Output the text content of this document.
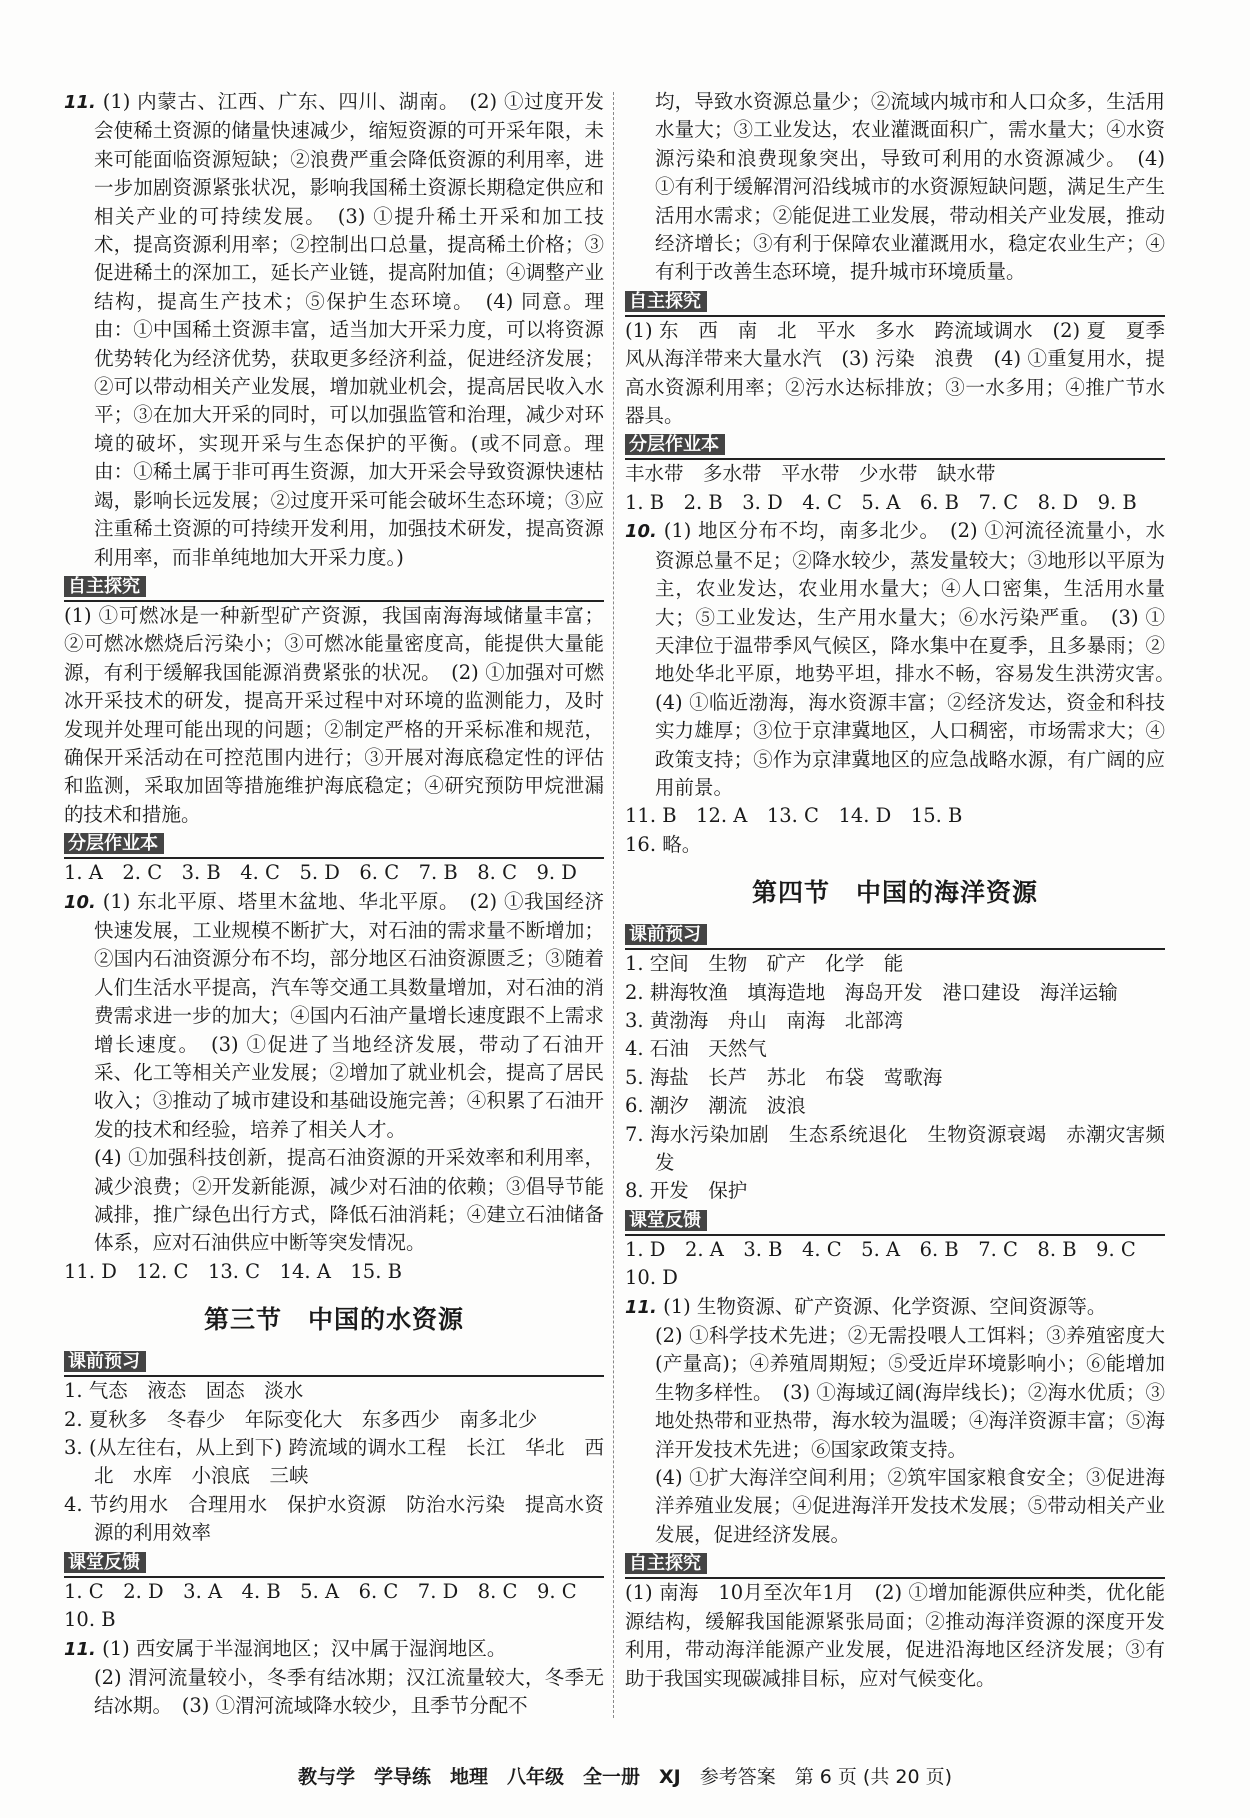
11. (1) 内蒙古、江西、广东、四川、湖南。　(2) ①过度开发会使稀土资源的储量快速减少，缩短资源的可开采年限，未来可能面临资源短缺；②浪费严重会降低资源的利用率，进一步加剧资源紧张状况，影响我国稀土资源长期稳定供应和相关产业的可持续发展。　(3) ①提升稀土开采和加工技术，提高资源利用率；②控制出口总量，提高稀土价格；③促进稀土的深加工，延长产业链，提高附加值；④调整产业结构，提高生产技术；⑤保护生态环境。　(4) 同意。理由：①中国稀土资源丰富，适当加大开采力度，可以将资源优势转化为经济优势，获取更多经济利益，促进经济发展；②可以带动相关产业发展，增加就业机会，提高居民收入水平；③在加大开采的同时，可以加强监管和治理，减少对环境的破坏，实现开采与生态保护的平衡。(或不同意。理由：①稀土属于非可再生资源，加大开采会导致资源快速枯竭，影响长远发展；②过度开采可能会破坏生态环境；③应注重稀土资源的可持续开发利用，加强技术研发，提高资源利用率，而非单纯地加大开采力度。)

自主探究

(1) ①可燃冰是一种新型矿产资源，我国南海海域储量丰富；②可燃冰燃烧后污染小；③可燃冰能量密度高，能提供大量能源，有利于缓解我国能源消费紧张的状况。　(2) ①加强对可燃冰开采技术的研发，提高开采过程中对环境的监测能力，及时发现并处理可能出现的问题；②制定严格的开采标准和规范，确保开采活动在可控范围内进行；③开展对海底稳定性的评估和监测，采取加固等措施维护海底稳定；④研究预防甲烷泄漏的技术和措施。

分层作业本

1. A　2. C　3. B　4. C　5. D　6. C　7. B　8. C　9. D

10. (1) 东北平原、塔里木盆地、华北平原。　(2) ①我国经济快速发展，工业规模不断扩大，对石油的需求量不断增加；②国内石油资源分布不均，部分地区石油资源匮乏；③随着人们生活水平提高，汽车等交通工具数量增加，对石油的消费需求进一步的加大；④国内石油产量增长速度跟不上需求增长速度。　(3) ①促进了当地经济发展，带动了石油开采、化工等相关产业发展；②增加了就业机会，提高了居民收入；③推动了城市建设和基础设施完善；④积累了石油开发的技术和经验，培养了相关人才。

(4) ①加强科技创新，提高石油资源的开采效率和利用率，减少浪费；②开发新能源，减少对石油的依赖；③倡导节能减排，推广绿色出行方式，降低石油消耗；④建立石油储备体系，应对石油供应中断等突发情况。

11. D　12. C　13. C　14. A　15. B

第三节　中国的水资源
课前预习

1. 气态　液态　固态　淡水

2. 夏秋多　冬春少　年际变化大　东多西少　南多北少

3. (从左往右，从上到下) 跨流域的调水工程　长江　华北　西北　水库　小浪底　三峡

4. 节约用水　合理用水　保护水资源　防治水污染　提高水资源的利用效率

课堂反馈

1. C　2. D　3. A　4. B　5. A　6. C　7. D　8. C　9. C

10. B

11. (1) 西安属于半湿润地区；汉中属于湿润地区。

(2) 渭河流量较小，冬季有结冰期；汉江流量较大，冬季无结冰期。　(3) ①渭河流域降水较少，且季节分配不

均，导致水资源总量少；②流域内城市和人口众多，生活用水量大；③工业发达，农业灌溉面积广，需水量大；④水资源污染和浪费现象突出，导致可利用的水资源减少。　(4) ①有利于缓解渭河沿线城市的水资源短缺问题，满足生产生活用水需求；②能促进工业发展，带动相关产业发展，推动经济增长；③有利于保障农业灌溉用水，稳定农业生产；④有利于改善生态环境，提升城市环境质量。

自主探究

(1) 东　西　南　北　平水　多水　跨流域调水　(2) 夏　夏季风从海洋带来大量水汽　(3) 污染　浪费　(4) ①重复用水，提高水资源利用率；②污水达标排放；③一水多用；④推广节水器具。

分层作业本

丰水带　多水带　平水带　少水带　缺水带

1. B　2. B　3. D　4. C　5. A　6. B　7. C　8. D　9. B

10. (1) 地区分布不均，南多北少。　(2) ①河流径流量小，水资源总量不足；②降水较少，蒸发量较大；③地形以平原为主，农业发达，农业用水量大；④人口密集，生活用水量大；⑤工业发达，生产用水量大；⑥水污染严重。　(3) ①天津位于温带季风气候区，降水集中在夏季，且多暴雨；②地处华北平原，地势平坦，排水不畅，容易发生洪涝灾害。　(4) ①临近渤海，海水资源丰富；②经济发达，资金和科技实力雄厚；③位于京津冀地区，人口稠密，市场需求大；④政策支持；⑤作为京津冀地区的应急战略水源，有广阔的应用前景。

11. B　12. A　13. C　14. D　15. B

16. 略。

第四节　中国的海洋资源
课前预习

1. 空间　生物　矿产　化学　能

2. 耕海牧渔　填海造地　海岛开发　港口建设　海洋运输

3. 黄渤海　舟山　南海　北部湾

4. 石油　天然气

5. 海盐　长芦　苏北　布袋　莺歌海

6. 潮汐　潮流　波浪

7. 海水污染加剧　生态系统退化　生物资源衰竭　赤潮灾害频发

8. 开发　保护

课堂反馈

1. D　2. A　3. B　4. C　5. A　6. B　7. C　8. B　9. C

10. D

11. (1) 生物资源、矿产资源、化学资源、空间资源等。

(2) ①科学技术先进；②无需投喂人工饵料；③养殖密度大(产量高)；④养殖周期短；⑤受近岸环境影响小；⑥能增加生物多样性。　(3) ①海域辽阔(海岸线长)；②海水优质；③地处热带和亚热带，海水较为温暖；④海洋资源丰富；⑤海洋开发技术先进；⑥国家政策支持。

(4) ①扩大海洋空间利用；②筑牢国家粮食安全；③促进海洋养殖业发展；④促进海洋开发技术发展；⑤带动相关产业发展，促进经济发展。

自主探究

(1) 南海　10月至次年1月　(2) ①增加能源供应种类，优化能源结构，缓解我国能源紧张局面；②推动海洋资源的深度开发利用，带动海洋能源产业发展，促进沿海地区经济发展；③有助于我国实现碳减排目标，应对气候变化。

教与学　学导练　地理　八年级　全一册　XJ　 参考答案　第 6 页 (共 20 页)
